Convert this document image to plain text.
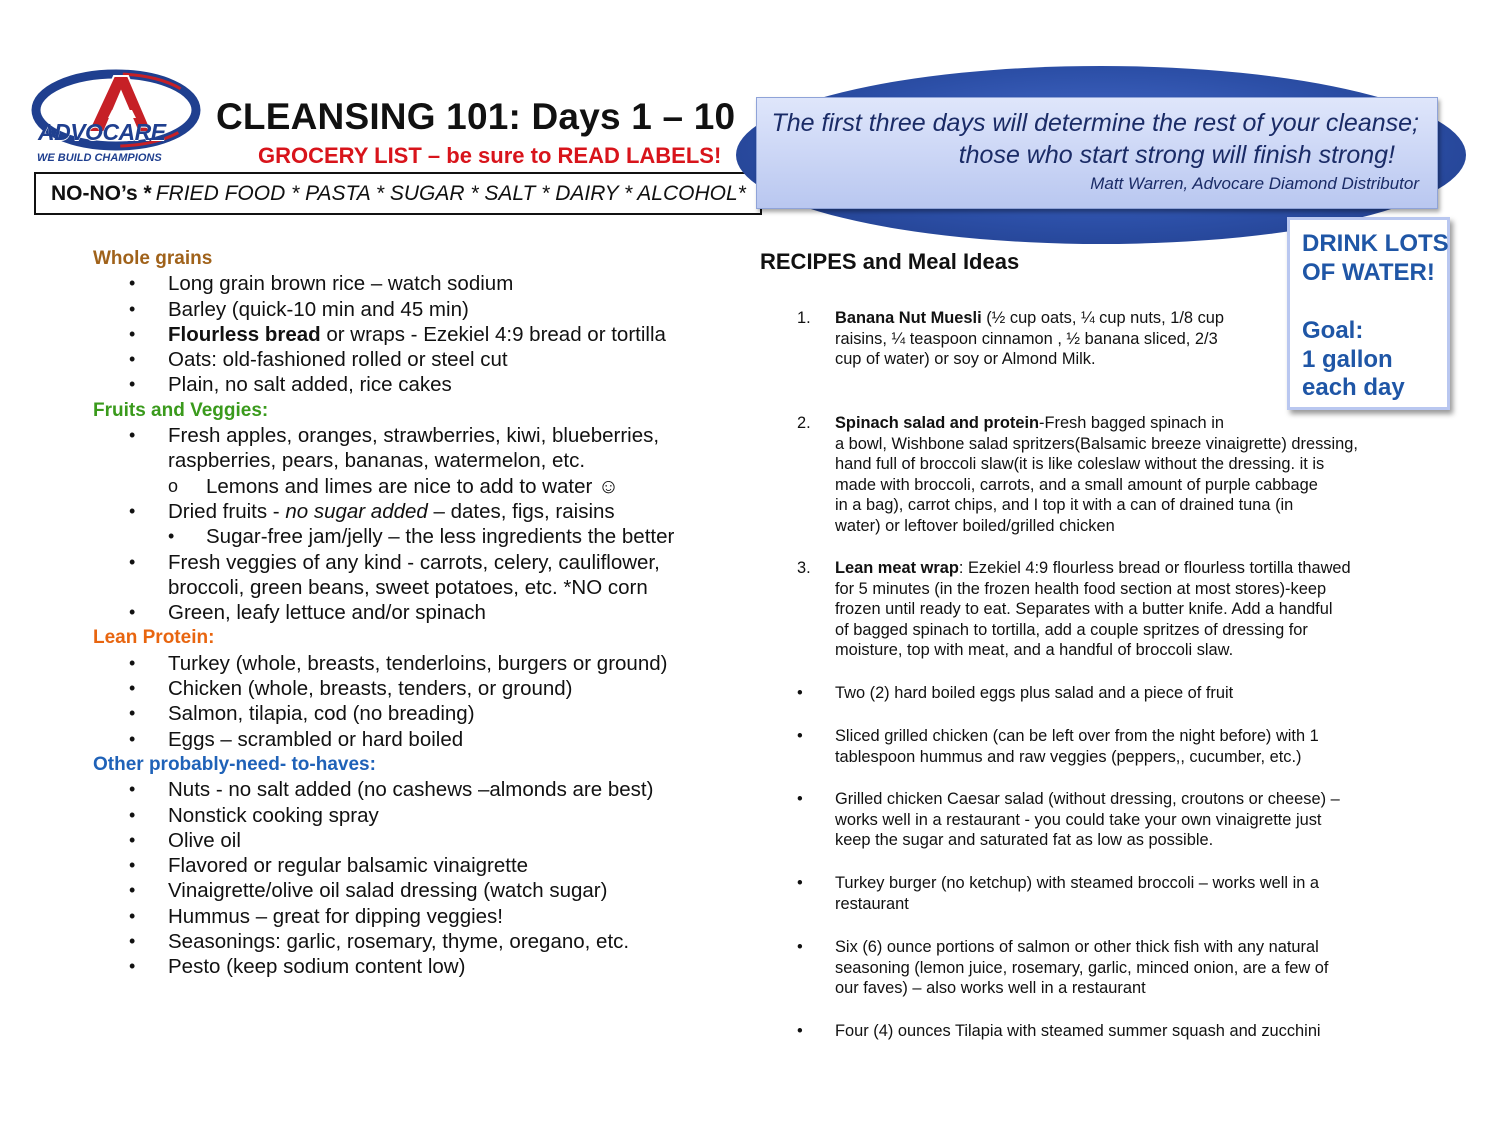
ADVOCARE
WE BUILD CHAMPIONS
CLEANSING 101: Days 1 – 10
GROCERY LIST – be sure to READ LABELS!
NO-NO’s * FRIED FOOD * PASTA * SUGAR * SALT * DAIRY * ALCOHOL*
The first three days will determine the rest of your cleanse;
those who start strong will finish strong!
Matt Warren, Advocare Diamond Distributor
DRINK LOTS
OF WATER!
Goal:
1 gallon
each day
Whole grains
• Long grain brown rice – watch sodium
• Barley (quick-10 min and 45 min)
• Flourless bread or wraps - Ezekiel 4:9 bread or tortilla
• Oats: old-fashioned rolled or steel cut
• Plain, no salt added, rice cakes
Fruits and Veggies:
• Fresh apples, oranges, strawberries, kiwi, blueberries,
raspberries, pears, bananas, watermelon, etc.
o Lemons and limes are nice to add to water ☺
• Dried fruits - no sugar added – dates, figs, raisins
• Sugar-free jam/jelly – the less ingredients the better
• Fresh veggies of any kind - carrots, celery, cauliflower,
broccoli, green beans, sweet potatoes, etc. *NO corn
• Green, leafy lettuce and/or spinach
Lean Protein:
• Turkey (whole, breasts, tenderloins, burgers or ground)
• Chicken (whole, breasts, tenders, or ground)
• Salmon, tilapia, cod (no breading)
• Eggs – scrambled or hard boiled
Other probably-need- to-haves:
• Nuts - no salt added (no cashews –almonds are best)
• Nonstick cooking spray
• Olive oil
• Flavored or regular balsamic vinaigrette
• Vinaigrette/olive oil salad dressing (watch sugar)
• Hummus – great for dipping veggies!
• Seasonings: garlic, rosemary, thyme, oregano, etc.
• Pesto (keep sodium content low)
RECIPES and Meal Ideas
1. Banana Nut Muesli (½ cup oats, ¼ cup nuts, 1/8 cup
raisins, ¼ teaspoon cinnamon , ½ banana sliced, 2/3
cup of water) or soy or Almond Milk.
2. Spinach salad and protein-Fresh bagged spinach in
a bowl, Wishbone salad spritzers(Balsamic breeze vinaigrette) dressing,
hand full of broccoli slaw(it is like coleslaw without the dressing. it is
made with broccoli, carrots, and a small amount of purple cabbage
in a bag), carrot chips, and I top it with a can of drained tuna (in
water) or leftover boiled/grilled chicken
3. Lean meat wrap: Ezekiel 4:9 flourless bread or flourless tortilla thawed
for 5 minutes (in the frozen health food section at most stores)-keep
frozen until ready to eat. Separates with a butter knife. Add a handful
of bagged spinach to tortilla, add a couple spritzes of dressing for
moisture, top with meat, and a handful of broccoli slaw.
• Two (2) hard boiled eggs plus salad and a piece of fruit
• Sliced grilled chicken (can be left over from the night before) with 1
tablespoon hummus and raw veggies (peppers,, cucumber, etc.)
• Grilled chicken Caesar salad (without dressing, croutons or cheese) –
works well in a restaurant - you could take your own vinaigrette just
keep the sugar and saturated fat as low as possible.
• Turkey burger (no ketchup) with steamed broccoli – works well in a
restaurant
• Six (6) ounce portions of salmon or other thick fish with any natural
seasoning (lemon juice, rosemary, garlic, minced onion, are a few of
our faves) – also works well in a restaurant
• Four (4) ounces Tilapia with steamed summer squash and zucchini
